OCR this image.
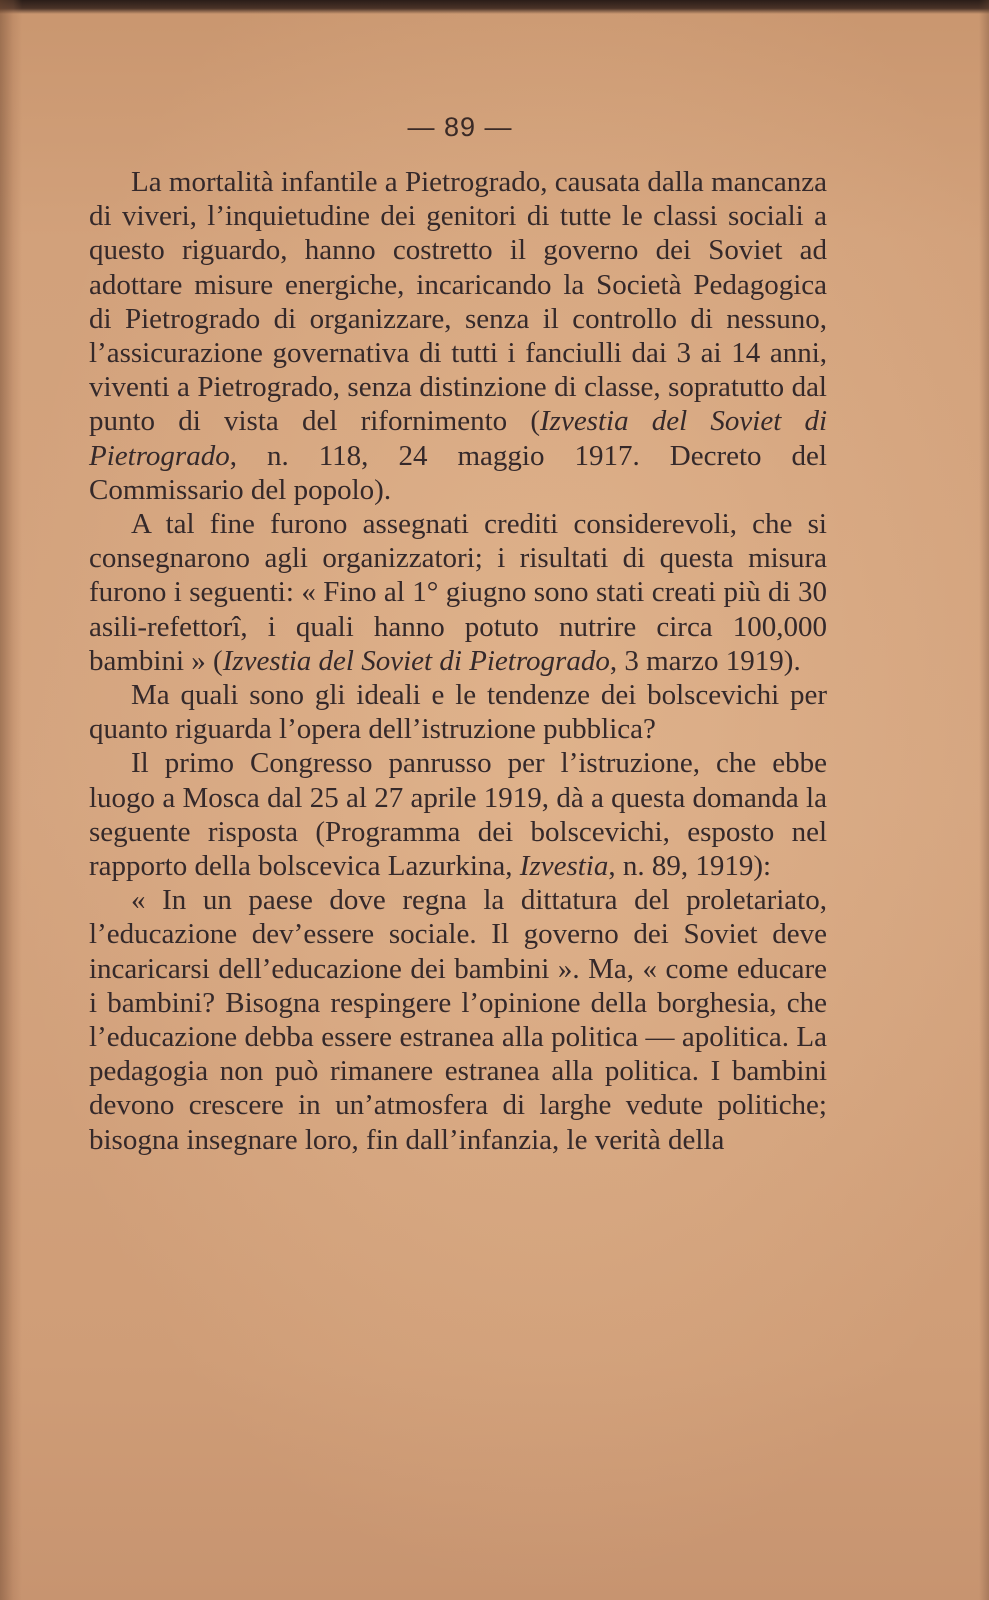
— 89 —

La mortalità infantile a Pietrogrado, causata dalla mancanza di viveri, l’inquietudine dei genitori di tutte le classi sociali a questo riguardo, hanno costretto il governo dei Soviet ad adottare misure energiche, incaricando la Società Pedagogica di Pietrogrado di organizzare, senza il controllo di nessuno, l’assicurazione governativa di tutti i fanciulli dai 3 ai 14 anni, viventi a Pietrogrado, senza distinzione di classe, sopratutto dal punto di vista del rifornimento (Izvestia del Soviet di Pietrogrado, n. 118, 24 maggio 1917. Decreto del Commissario del popolo).

A tal fine furono assegnati crediti considerevoli, che si consegnarono agli organizzatori; i risultati di questa misura furono i seguenti: « Fino al 1° giugno sono stati creati più di 30 asili-refettorî, i quali hanno potuto nutrire circa 100,000 bambini » (Izvestia del Soviet di Pietrogrado, 3 marzo 1919).

Ma quali sono gli ideali e le tendenze dei bolscevichi per quanto riguarda l’opera dell’istruzione pubblica?

Il primo Congresso panrusso per l’istruzione, che ebbe luogo a Mosca dal 25 al 27 aprile 1919, dà a questa domanda la seguente risposta (Programma dei bolscevichi, esposto nel rapporto della bolscevica Lazurkina, Izvestia, n. 89, 1919):

« In un paese dove regna la dittatura del proletariato, l’educazione dev’essere sociale. Il governo dei Soviet deve incaricarsi dell’educazione dei bambini ». Ma, « come educare i bambini? Bisogna respingere l’opinione della borghesia, che l’educazione debba essere estranea alla politica — apolitica. La pedagogia non può rimanere estranea alla politica. I bambini devono crescere in un’atmosfera di larghe vedute politiche; bisogna insegnare loro, fin dall’infanzia, le verità della
